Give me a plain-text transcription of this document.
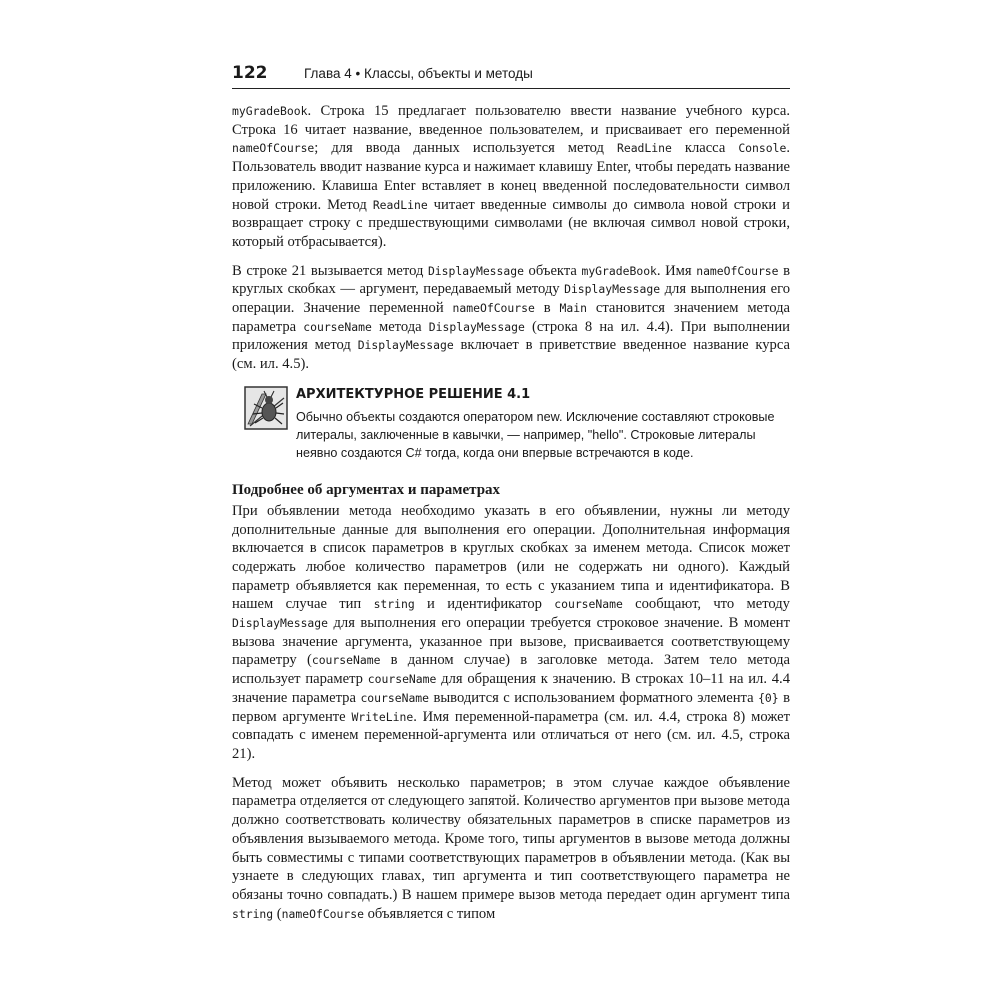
122	Глава 4 • Классы, объекты и методы

myGradeBook. Строка 15 предлагает пользователю ввести название учебного курса. Строка 16 читает название, введенное пользователем, и присваивает его переменной nameOfCourse; для ввода данных используется метод ReadLine класса Console. Пользователь вводит название курса и нажимает клавишу Enter, чтобы передать название приложению. Клавиша Enter вставляет в конец введенной последовательности символ новой строки. Метод ReadLine читает введенные символы до символа новой строки и возвращает строку с предшествующими символами (не включая символ новой строки, который отбрасывается).

В строке 21 вызывается метод DisplayMessage объекта myGradeBook. Имя nameOfCourse в круглых скобках — аргумент, передаваемый методу DisplayMessage для выполнения его операции. Значение переменной nameOfCourse в Main становится значением метода параметра courseName метода DisplayMessage (строка 8 на ил. 4.4). При выполнении приложения метод DisplayMessage включает в приветствие введенное название курса (см. ил. 4.5).

АРХИТЕКТУРНОЕ РЕШЕНИЕ 4.1
Обычно объекты создаются оператором new. Исключение составляют строковые литералы, заключенные в кавычки, — например, "hello". Строковые литералы неявно создаются C# тогда, когда они впервые встречаются в коде.
Подробнее об аргументах и параметрах

При объявлении метода необходимо указать в его объявлении, нужны ли методу дополнительные данные для выполнения его операции. Дополнительная информация включается в список параметров в круглых скобках за именем метода. Список может содержать любое количество параметров (или не содержать ни одного). Каждый параметр объявляется как переменная, то есть с указанием типа и идентификатора. В нашем случае тип string и идентификатор courseName сообщают, что методу DisplayMessage для выполнения его операции требуется строковое значение. В момент вызова значение аргумента, указанное при вызове, присваивается соответствующему параметру (courseName в данном случае) в заголовке метода. Затем тело метода использует параметр courseName для обращения к значению. В строках 10–11 на ил. 4.4 значение параметра courseName выводится с использованием форматного элемента {0} в первом аргументе WriteLine. Имя переменной-параметра (см. ил. 4.4, строка 8) может совпадать с именем переменной-аргумента или отличаться от него (см. ил. 4.5, строка 21).

Метод может объявить несколько параметров; в этом случае каждое объявление параметра отделяется от следующего запятой. Количество аргументов при вызове метода должно соответствовать количеству обязательных параметров в списке параметров из объявления вызываемого метода. Кроме того, типы аргументов в вызове метода должны быть совместимы с типами соответствующих параметров в объявлении метода. (Как вы узнаете в следующих главах, тип аргумента и тип соответствующего параметра не обязаны точно совпадать.) В нашем примере вызов метода передает один аргумент типа string (nameOfCourse объявляется с типом
